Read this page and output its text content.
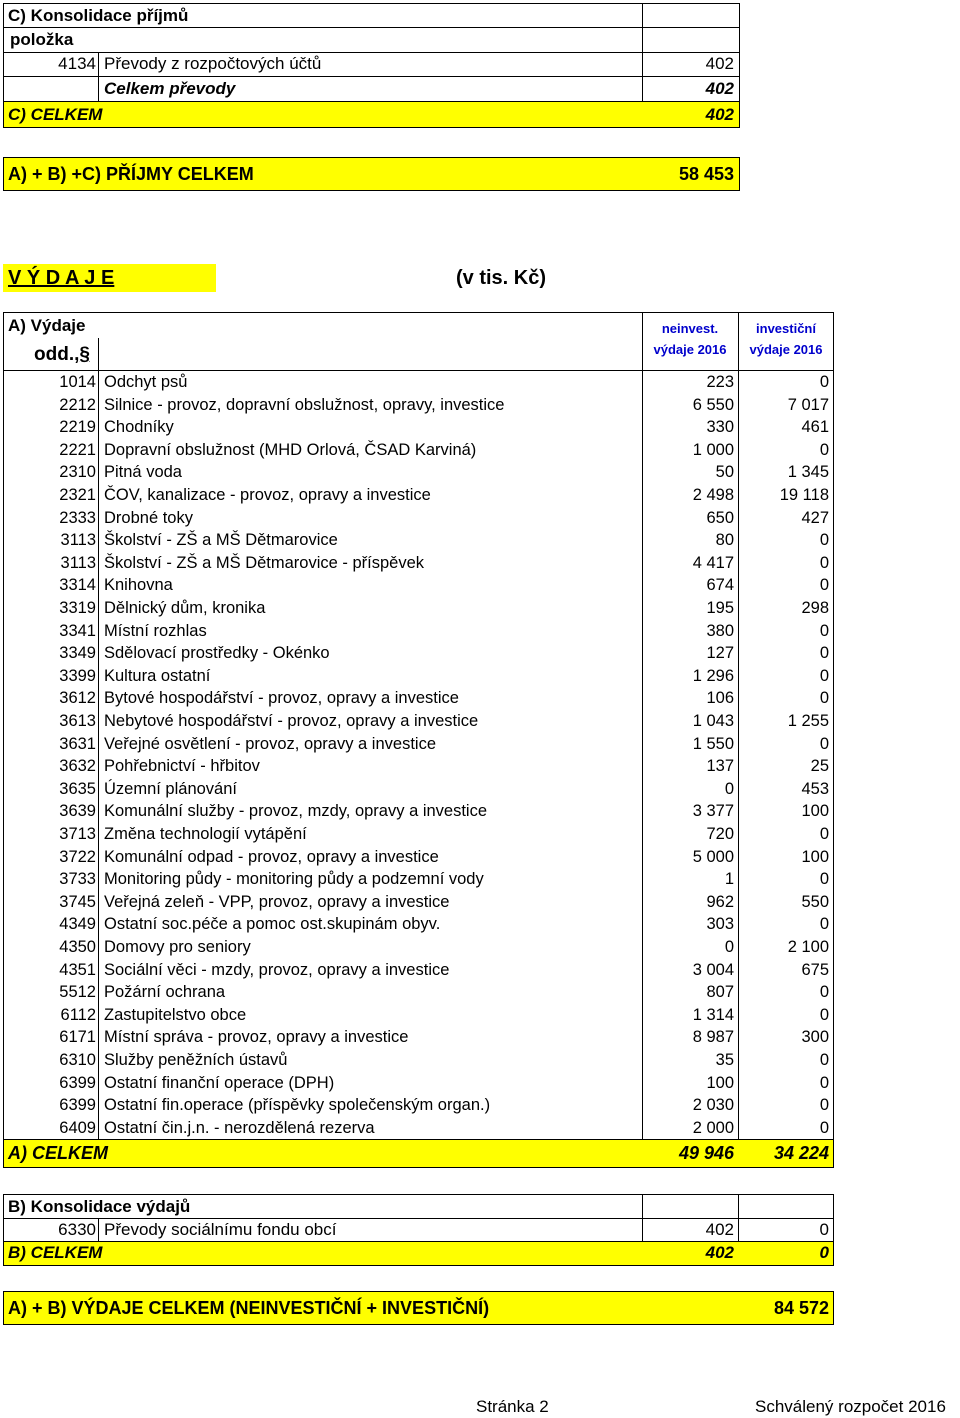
C) Konsolidace příjmů
položka
4134 Převody z rozpočtových účtů	402
Celkem převody	402
C) CELKEM	402
A) + B) +C) PŘÍJMY CELKEM	58 453
V Ý D A J E	(v tis. Kč)
A) Výdaje
odd.,§
neinvest.
výdaje 2016
investiční
výdaje 2016
1014 Odchyt psů	223	0
2212 Silnice - provoz, dopravní obslužnost, opravy, investice	6 550	7 017
2219 Chodníky	330	461
2221 Dopravní obslužnost (MHD Orlová, ČSAD Karviná)	1 000	0
2310 Pitná voda	50	1 345
2321 ČOV, kanalizace - provoz, opravy a investice	2 498	19 118
2333 Drobné toky	650	427
3113 Školství - ZŠ a MŠ Dětmarovice	80	0
3113 Školství - ZŠ a MŠ Dětmarovice - příspěvek	4 417	0
3314 Knihovna	674	0
3319 Dělnický dům, kronika	195	298
3341 Místní rozhlas	380	0
3349 Sdělovací prostředky - Okénko	127	0
3399 Kultura ostatní	1 296	0
3612 Bytové hospodářství - provoz, opravy a investice	106	0
3613 Nebytové hospodářství - provoz, opravy a investice	1 043	1 255
3631 Veřejné osvětlení - provoz, opravy a investice	1 550	0
3632 Pohřebnictví - hřbitov	137	25
3635 Územní plánování	0	453
3639 Komunální služby - provoz, mzdy, opravy a investice	3 377	100
3713 Změna technologií vytápění	720	0
3722 Komunální odpad - provoz, opravy a investice	5 000	100
3733 Monitoring půdy - monitoring půdy a podzemní vody	1	0
3745 Veřejná zeleň - VPP, provoz, opravy a investice	962	550
4349 Ostatní soc.péče a pomoc ost.skupinám obyv.	303	0
4350 Domovy pro seniory	0	2 100
4351 Sociální věci - mzdy, provoz, opravy a investice	3 004	675
5512 Požární ochrana	807	0
6112 Zastupitelstvo obce	1 314	0
6171 Místní správa - provoz, opravy a investice	8 987	300
6310 Služby peněžních ústavů	35	0
6399 Ostatní finanční operace (DPH)	100	0
6399 Ostatní fin.operace (příspěvky společenským organ.)	2 030	0
6409 Ostatní čin.j.n. - nerozdělená rezerva	2 000	0
A) CELKEM	49 946	34 224
B) Konsolidace výdajů
6330 Převody sociálnímu fondu obcí	402	0
B) CELKEM	402	0
A) + B) VÝDAJE CELKEM (NEINVESTIČNÍ + INVESTIČNÍ)	84 572
Stránka 2	Schválený rozpočet 2016
